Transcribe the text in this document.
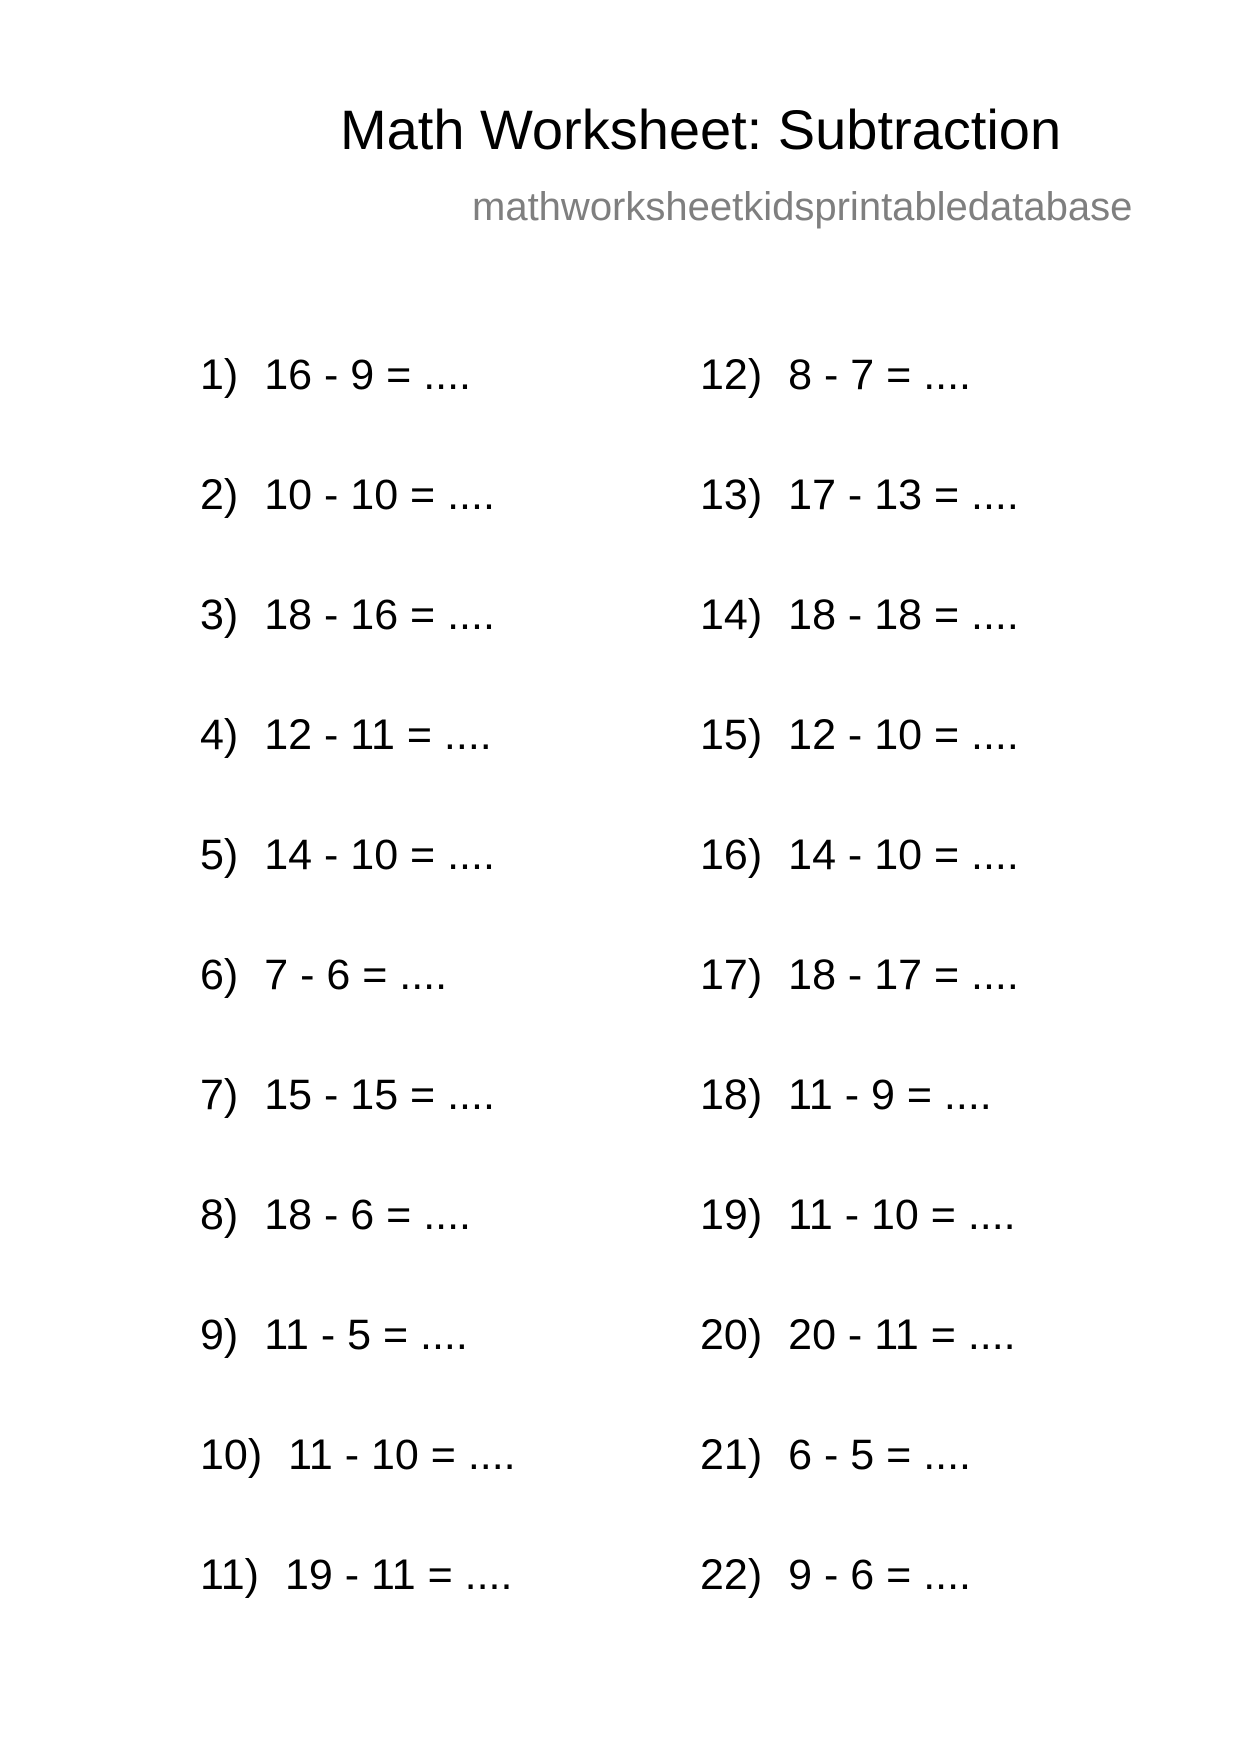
Math Worksheet: Subtraction
mathworksheetkidsprintabledatabase
1) 16 - 9 = ....
2) 10 - 10 = ....
3) 18 - 16 = ....
4) 12 - 11 = ....
5) 14 - 10 = ....
6) 7 - 6 = ....
7) 15 - 15 = ....
8) 18 - 6 = ....
9) 11 - 5 = ....
10) 11 - 10 = ....
11) 19 - 11 = ....
12) 8 - 7 = ....
13) 17 - 13 = ....
14) 18 - 18 = ....
15) 12 - 10 = ....
16) 14 - 10 = ....
17) 18 - 17 = ....
18) 11 - 9 = ....
19) 11 - 10 = ....
20) 20 - 11 = ....
21) 6 - 5 = ....
22) 9 - 6 = ....
